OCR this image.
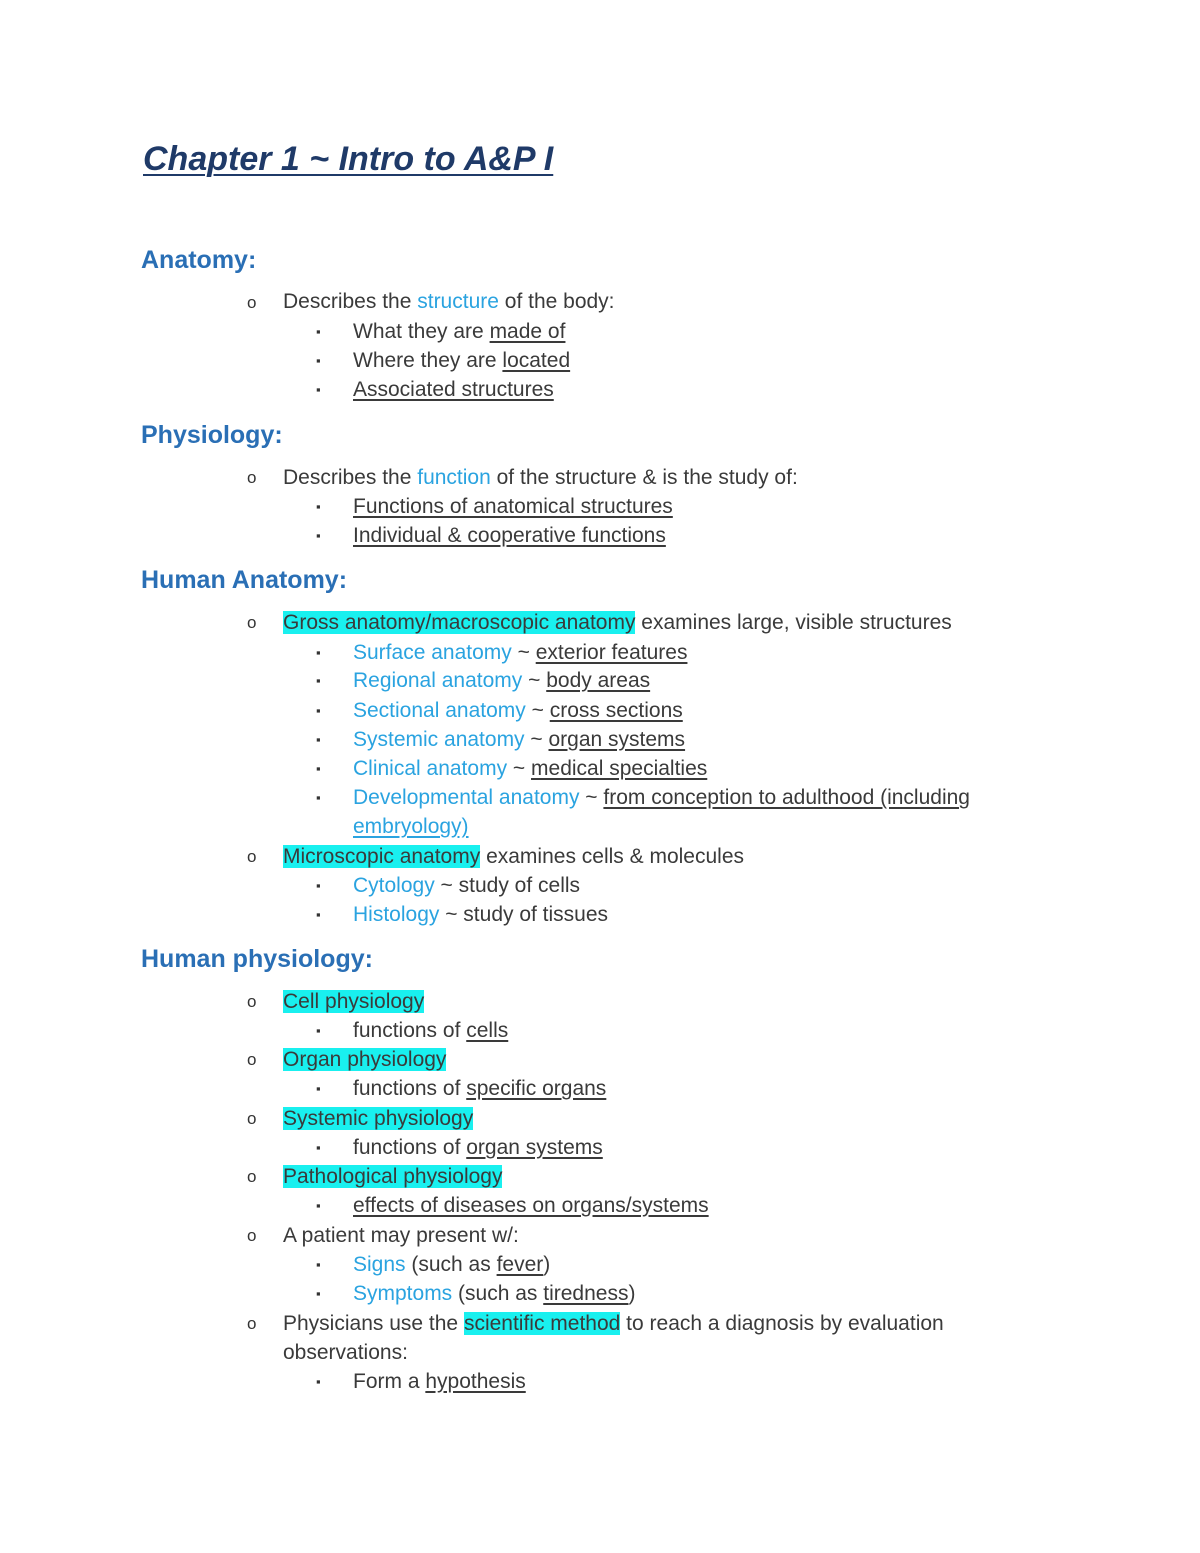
Chapter 1 ~ Intro to A&P I
Anatomy:
o Describes the structure of the body:
▪ What they are made of
▪ Where they are located
▪ Associated structures
Physiology:
o Describes the function of the structure & is the study of:
▪ Functions of anatomical structures
▪ Individual & cooperative functions
Human Anatomy:
o Gross anatomy/macroscopic anatomy examines large, visible structures
▪ Surface anatomy ~ exterior features
▪ Regional anatomy ~ body areas
▪ Sectional anatomy ~ cross sections
▪ Systemic anatomy ~ organ systems
▪ Clinical anatomy ~ medical specialties
▪ Developmental anatomy ~ from conception to adulthood (including
embryology)
o Microscopic anatomy examines cells & molecules
▪ Cytology ~ study of cells
▪ Histology ~ study of tissues
Human physiology:
o Cell physiology
▪ functions of cells
o Organ physiology
▪ functions of specific organs
o Systemic physiology
▪ functions of organ systems
o Pathological physiology
▪ effects of diseases on organs/systems
o A patient may present w/:
▪ Signs (such as fever)
▪ Symptoms (such as tiredness)
o Physicians use the scientific method to reach a diagnosis by evaluation
observations:
▪ Form a hypothesis
